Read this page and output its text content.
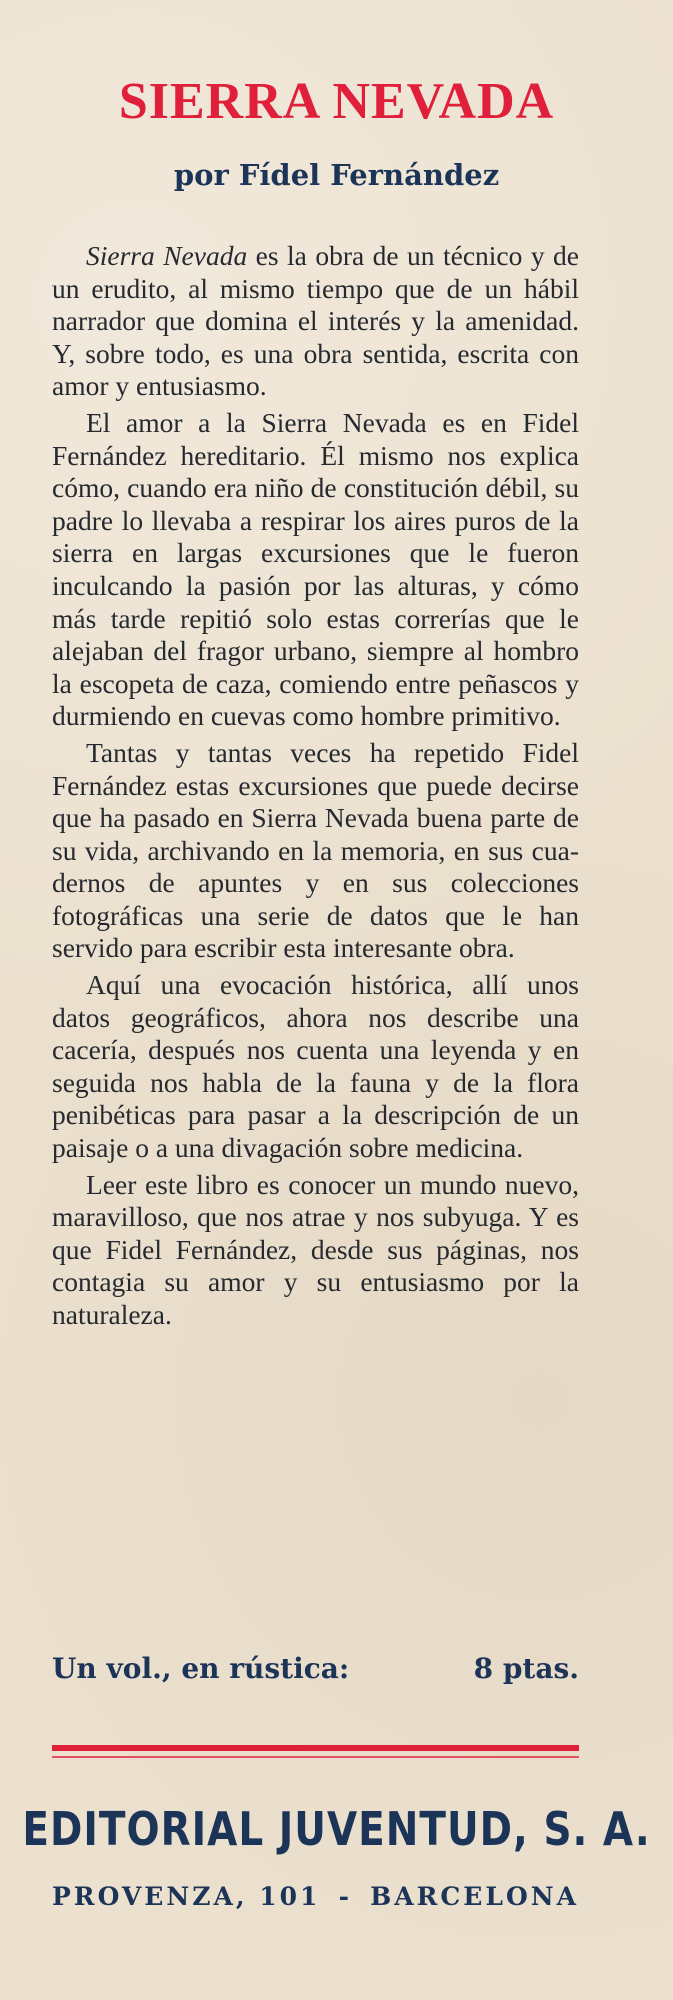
SIERRA NEVADA
por Fídel Fernández

Sierra Nevada es la obra de un técnico y de un erudito, al mismo tiempo que de un hábil narrador que domina el interés y la amenidad. Y, sobre todo, es una obra sentida, escrita con amor y entusiasmo.

El amor a la Sierra Nevada es en Fidel Fernández hereditario. Él mismo nos explica cómo, cuando era niño de constitución débil, su padre lo llevaba a respirar los aires puros de la sierra en largas excursiones que le fueron inculcando la pasión por las alturas, y cómo más tarde repitió solo estas correrías que le alejaban del fragor urbano, siempre al hombro la escopeta de caza, comiendo entre peñascos y durmiendo en cuevas como hombre primitivo.

Tantas y tantas veces ha repetido Fidel Fernández estas excursiones que puede decirse que ha pasado en Sierra Nevada buena parte de su vida, archivando en la memoria, en sus cuadernos de apuntes y en sus colecciones fotográficas una serie de datos que le han servido para escribir esta interesante obra.

Aquí una evocación histórica, allí unos datos geográficos, ahora nos describe una cacería, después nos cuenta una leyenda y en seguida nos habla de la fauna y de la flora penibéticas para pasar a la descripción de un paisaje o a una divagación sobre medicina.

Leer este libro es conocer un mundo nuevo, maravilloso, que nos atrae y nos subyuga. Y es que Fidel Fernández, desde sus páginas, nos contagia su amor y su entusiasmo por la naturaleza.

Un vol., en rústica:	8 ptas.
EDITORIAL JUVENTUD, S. A.
PROVENZA, 101 - BARCELONA
